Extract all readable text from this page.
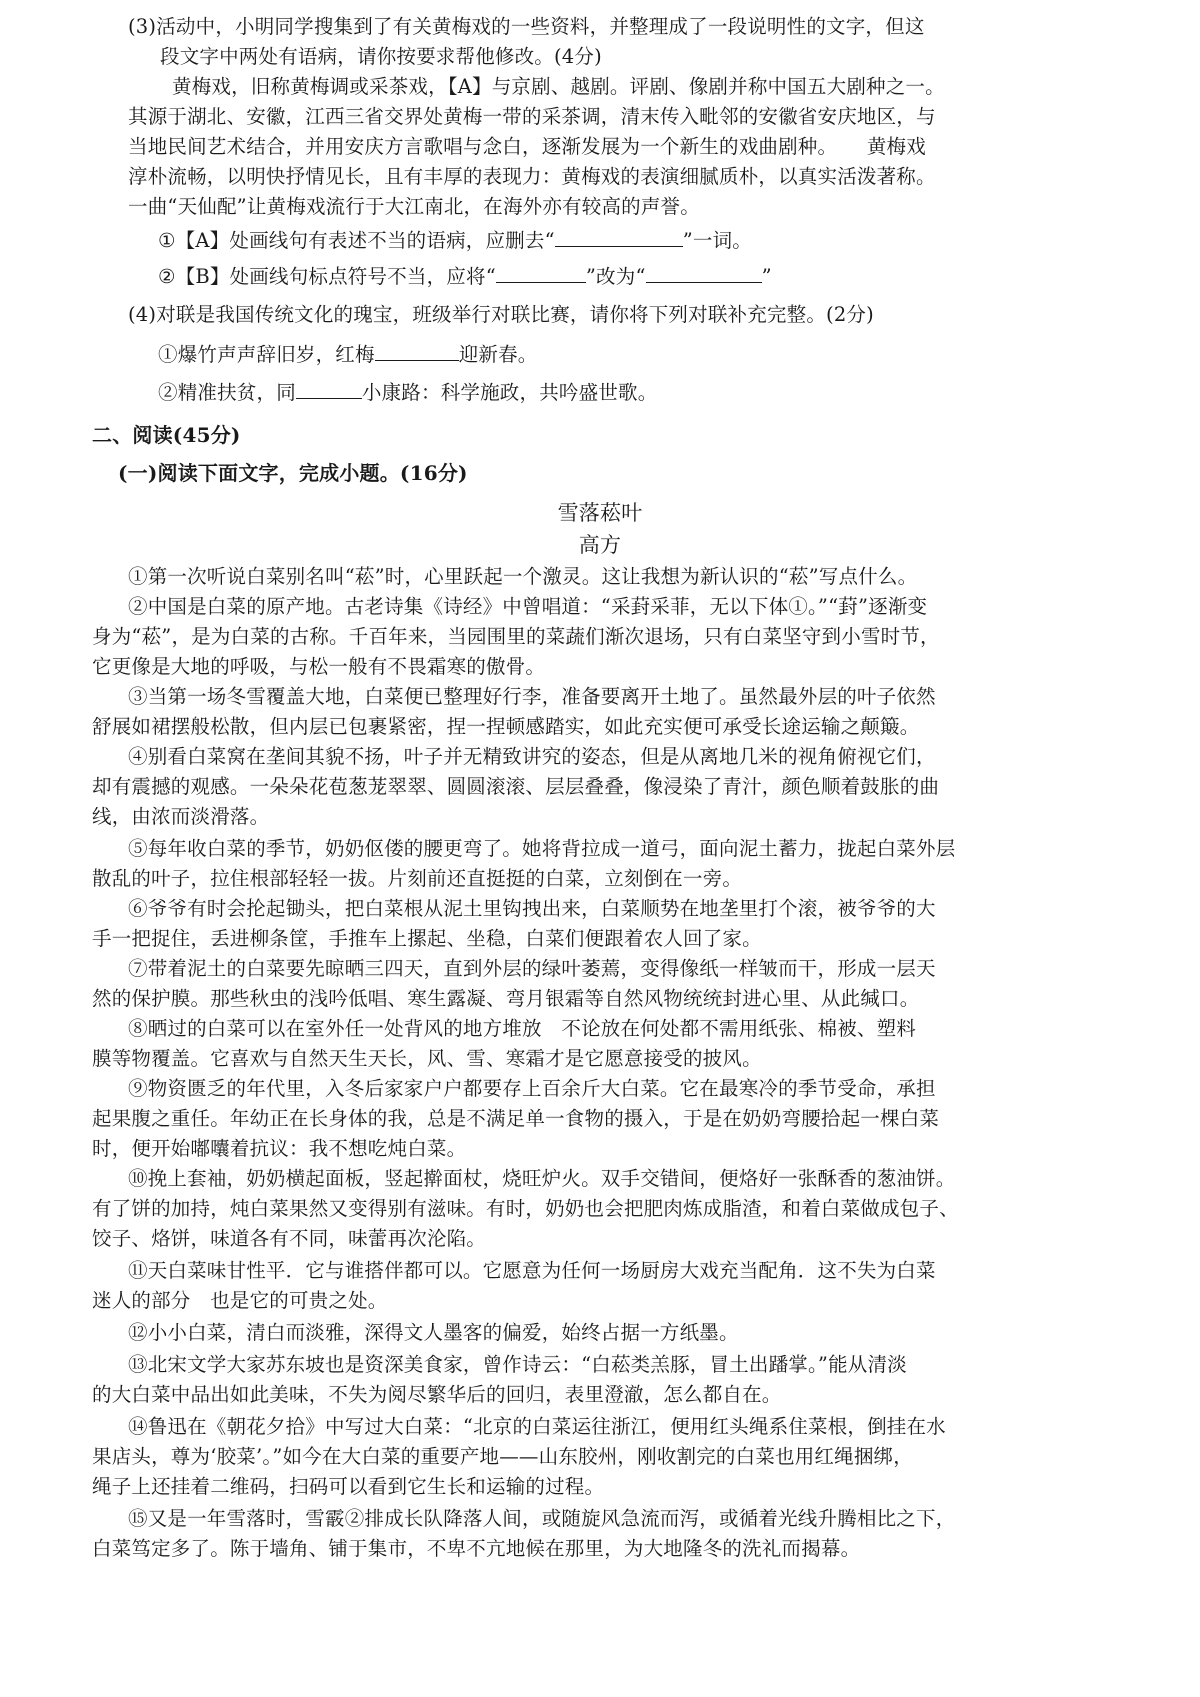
(3)活动中，小明同学搜集到了有关黄梅戏的一些资料，并整理成了一段说明性的文字，但这
段文字中两处有语病，请你按要求帮他修改。(4分)
黄梅戏，旧称黄梅调或采茶戏，【A】与京剧、越剧。评剧、像剧并称中国五大剧种之一。
其源于湖北、安徽，江西三省交界处黄梅一带的采茶调，清末传入毗邻的安徽省安庆地区，与
当地民间艺术结合，并用安庆方言歌唱与念白，逐渐发展为一个新生的戏曲剧种。　　黄梅戏
淳朴流畅，以明快抒情见长，且有丰厚的表现力：黄梅戏的表演细腻质朴，以真实活泼著称。
一曲“天仙配”让黄梅戏流行于大江南北，在海外亦有较高的声誉。
①【A】处画线句有表述不当的语病，应删去“	”一词。
②【B】处画线句标点符号不当，应将“	”改为“	”
(4)对联是我国传统文化的瑰宝，班级举行对联比赛，请你将下列对联补充完整。(2分)
①爆竹声声辞旧岁，红梅	迎新春。
②精准扶贫，同	小康路：科学施政，共吟盛世歌。
二、阅读(45分)
(一)阅读下面文字，完成小题。(16分)
雪落菘叶
高方
①第一次听说白菜别名叫“菘”时，心里跃起一个激灵。这让我想为新认识的“菘”写点什么。
②中国是白菜的原产地。古老诗集《诗经》中曾唱道：“采葑采菲，无以下体①。”“葑”逐渐变
身为“菘”，是为白菜的古称。千百年来，当园围里的菜蔬们渐次退场，只有白菜坚守到小雪时节，
它更像是大地的呼吸，与松一般有不畏霜寒的傲骨。
③当第一场冬雪覆盖大地，白菜便已整理好行李，准备要离开土地了。虽然最外层的叶子依然
舒展如裙摆般松散，但内层已包裹紧密，捏一捏顿感踏实，如此充实便可承受长途运输之颠簸。
④别看白菜窝在垄间其貌不扬，叶子并无精致讲究的姿态，但是从离地几米的视角俯视它们，
却有震撼的观感。一朵朵花苞葱茏翠翠、圆圆滚滚、层层叠叠，像浸染了青汁，颜色顺着鼓胀的曲
线，由浓而淡滑落。
⑤每年收白菜的季节，奶奶伛偻的腰更弯了。她将背拉成一道弓，面向泥土蓄力，拢起白菜外层
散乱的叶子，拉住根部轻轻一拔。片刻前还直挺挺的白菜，立刻倒在一旁。
⑥爷爷有时会抡起锄头，把白菜根从泥土里钩拽出来，白菜顺势在地垄里打个滚，被爷爷的大
手一把捉住，丢进柳条筐，手推车上摞起、坐稳，白菜们便跟着农人回了家。
⑦带着泥土的白菜要先晾晒三四天，直到外层的绿叶萎蔫，变得像纸一样皱而干，形成一层天
然的保护膜。那些秋虫的浅吟低唱、寒生露凝、弯月银霜等自然风物统统封进心里、从此缄口。
⑧晒过的白菜可以在室外任一处背风的地方堆放　不论放在何处都不需用纸张、棉被、塑料
膜等物覆盖。它喜欢与自然天生天长，风、雪、寒霜才是它愿意接受的披风。
⑨物资匮乏的年代里，入冬后家家户户都要存上百余斤大白菜。它在最寒冷的季节受命，承担
起果腹之重任。年幼正在长身体的我，总是不满足单一食物的摄入，于是在奶奶弯腰拾起一棵白菜
时，便开始嘟囔着抗议：我不想吃炖白菜。
⑩挽上套袖，奶奶横起面板，竖起擀面杖，烧旺炉火。双手交错间，便烙好一张酥香的葱油饼。
有了饼的加持，炖白菜果然又变得别有滋味。有时，奶奶也会把肥肉炼成脂渣，和着白菜做成包子、
饺子、烙饼，味道各有不同，味蕾再次沦陷。
⑪天白菜味甘性平．它与谁搭伴都可以。它愿意为任何一场厨房大戏充当配角．这不失为白菜
迷人的部分　也是它的可贵之处。
⑫小小白菜，清白而淡雅，深得文人墨客的偏爱，始终占据一方纸墨。
⑬北宋文学大家苏东坡也是资深美食家，曾作诗云：“白菘类羔豚，冒土出蹯掌。”能从清淡
的大白菜中品出如此美味，不失为阅尽繁华后的回归，表里澄澈，怎么都自在。
⑭鲁迅在《朝花夕拾》中写过大白菜：“北京的白菜运往浙江，便用红头绳系住菜根，倒挂在水
果店头，尊为‘胶菜’。”如今在大白菜的重要产地——山东胶州，刚收割完的白菜也用红绳捆绑，
绳子上还挂着二维码，扫码可以看到它生长和运输的过程。
⑮又是一年雪落时，雪霰②排成长队降落人间，或随旋风急流而泻，或循着光线升腾相比之下，
白菜笃定多了。陈于墙角、铺于集市，不卑不亢地候在那里，为大地隆冬的洗礼而揭幕。
